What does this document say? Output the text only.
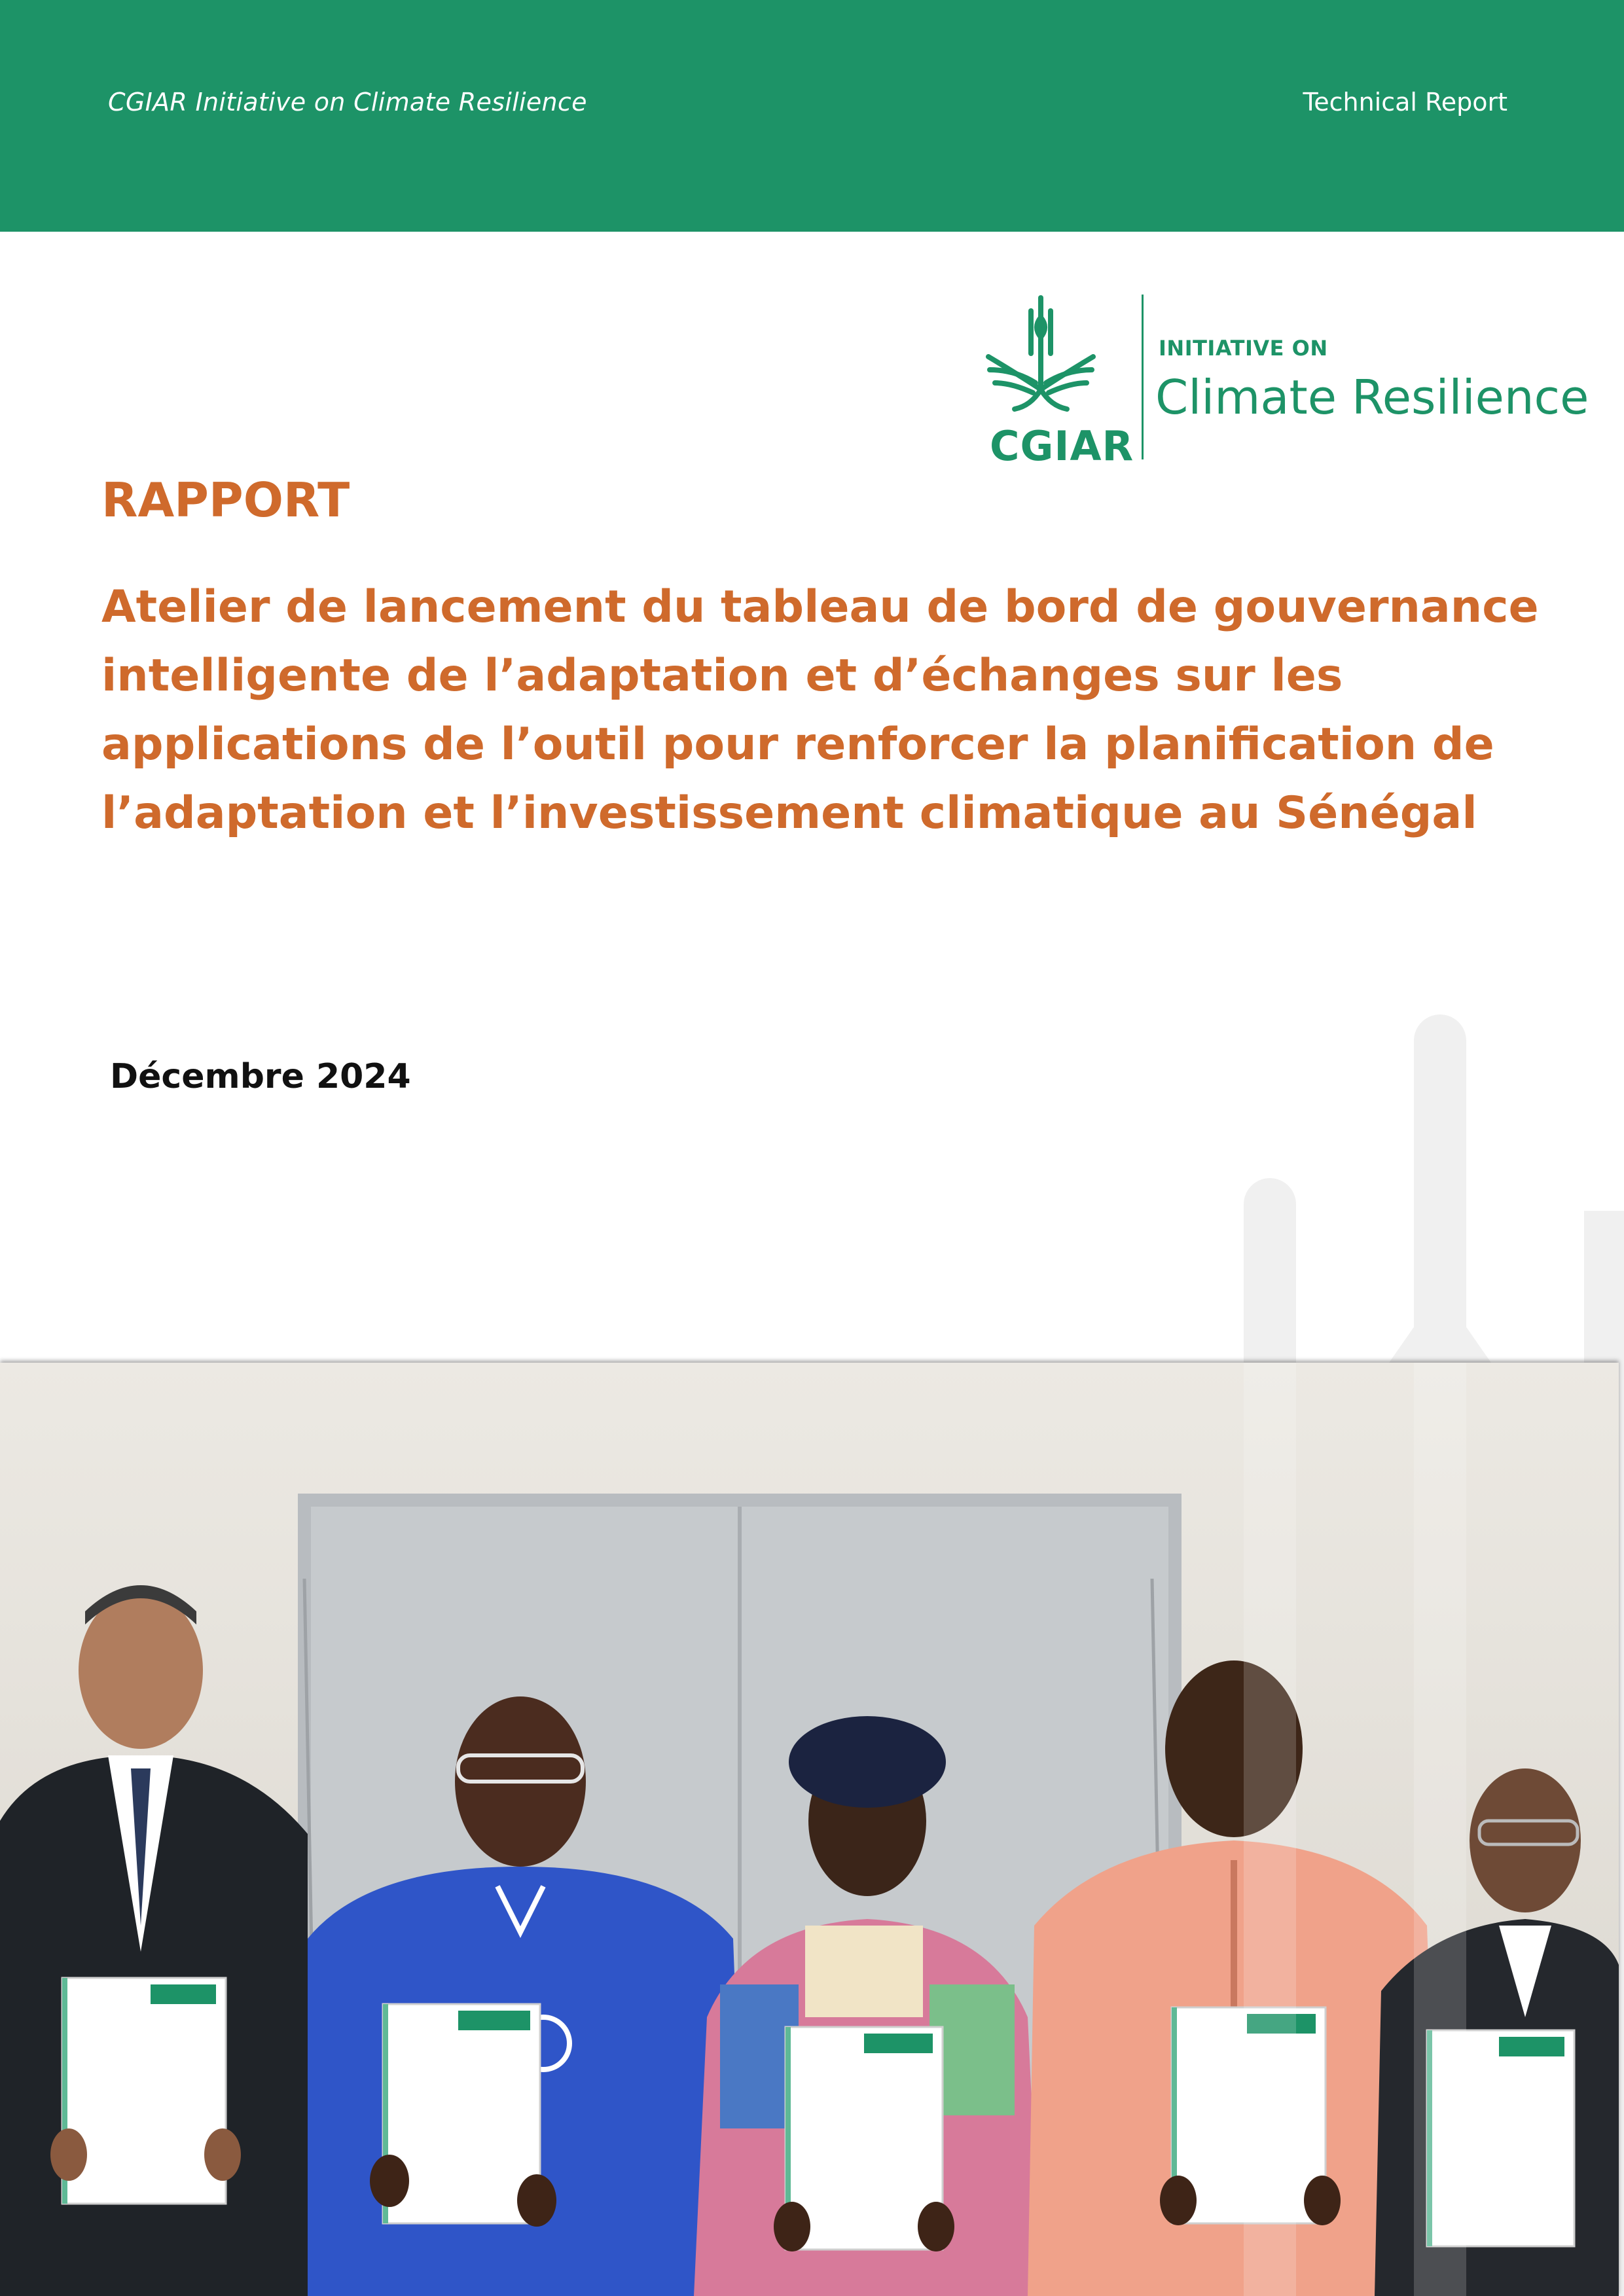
CGIAR Initiative on Climate Resilience	Technical Report
CGIAR
INITIATIVE ON
Climate Resilience
RAPPORT
Atelier de lancement du tableau de bord de gouvernance intelligente de l’adaptation et d’échanges sur les applications de l’outil pour renforcer la planification de l’adaptation et l’investissement climatique au Sénégal
Décembre 2024
